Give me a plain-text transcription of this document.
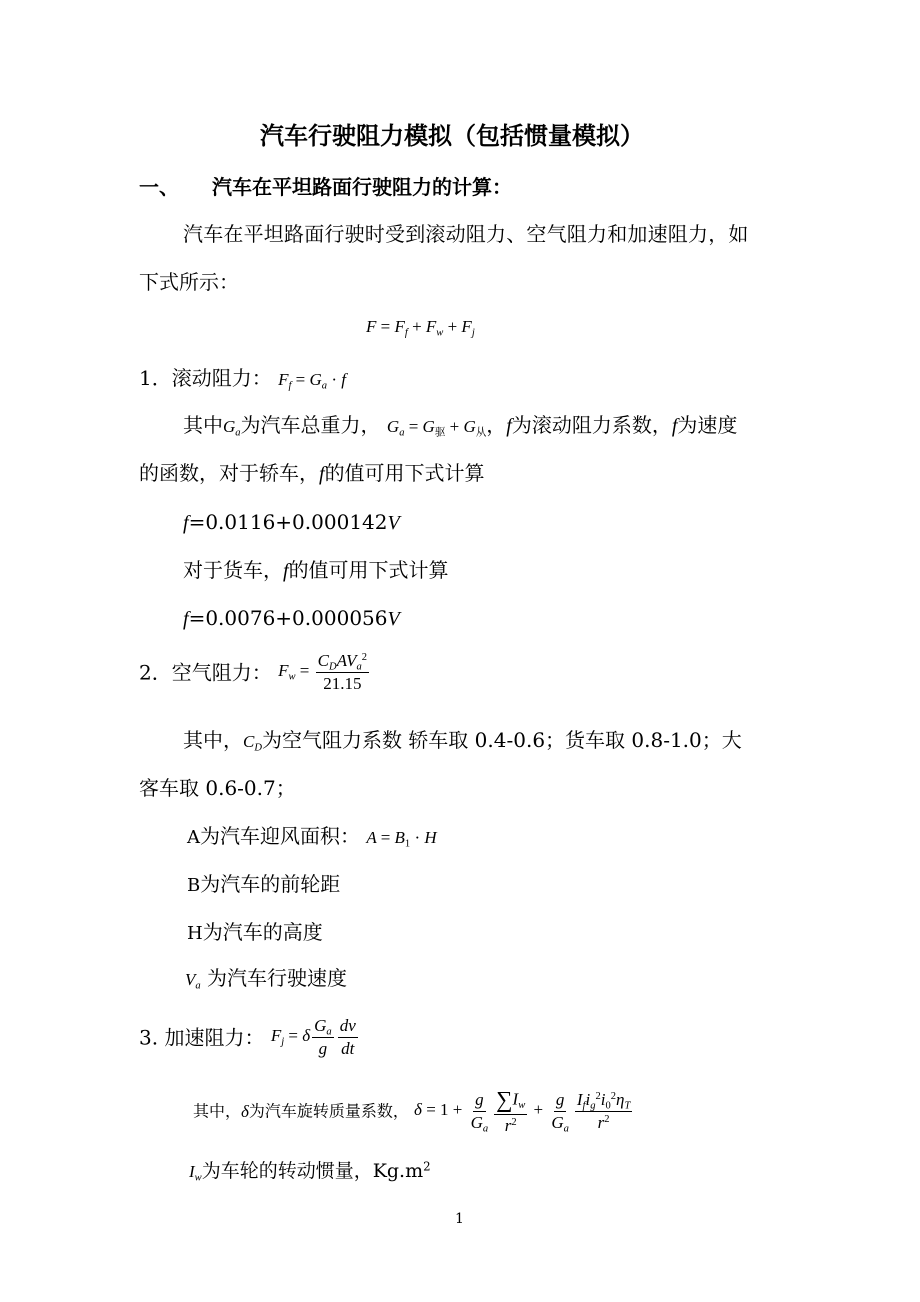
汽车行驶阻力模拟（包括惯量模拟）
一、 汽车在平坦路面行驶阻力的计算：
汽车在平坦路面行驶时受到滚动阻力、空气阻力和加速阻力，如
下式所示：
$F = F_f + F_w + F_j$
1．滚动阻力： $F_f = G_a \cdot f$
其中$G_a$为汽车总重力， $G_a = G_驱 + G_从$，f为滚动阻力系数，f为速度
的函数，对于轿车，f的值可用下式计算
f=0.0116+0.000142V
对于货车，f的值可用下式计算
f=0.0076+0.000056V
2．空气阻力： $F_w = \frac{C_DAV_a^2}{21.15}$
其中，$C_D$为空气阻力系数 轿车取 0.4-0.6；货车取 0.8-1.0；大
客车取 0.6-0.7；
A为汽车迎风面积： $A = B_1 \cdot H$
B为汽车的前轮距
H为汽车的高度
$V_a$ 为汽车行驶速度
3. 加速阻力： $F_j = \delta \frac{G_a}{g} \frac{dv}{dt}$
其中，δ为汽车旋转质量系数， $\delta = 1 + \frac{g}{G_a} \frac{\sum I_w}{r^2} + \frac{g}{G_a} \frac{I_fi_g^2i_0^2\eta_T}{r^2}$
$I_w$为车轮的转动惯量，$Kg.m^2$
1
